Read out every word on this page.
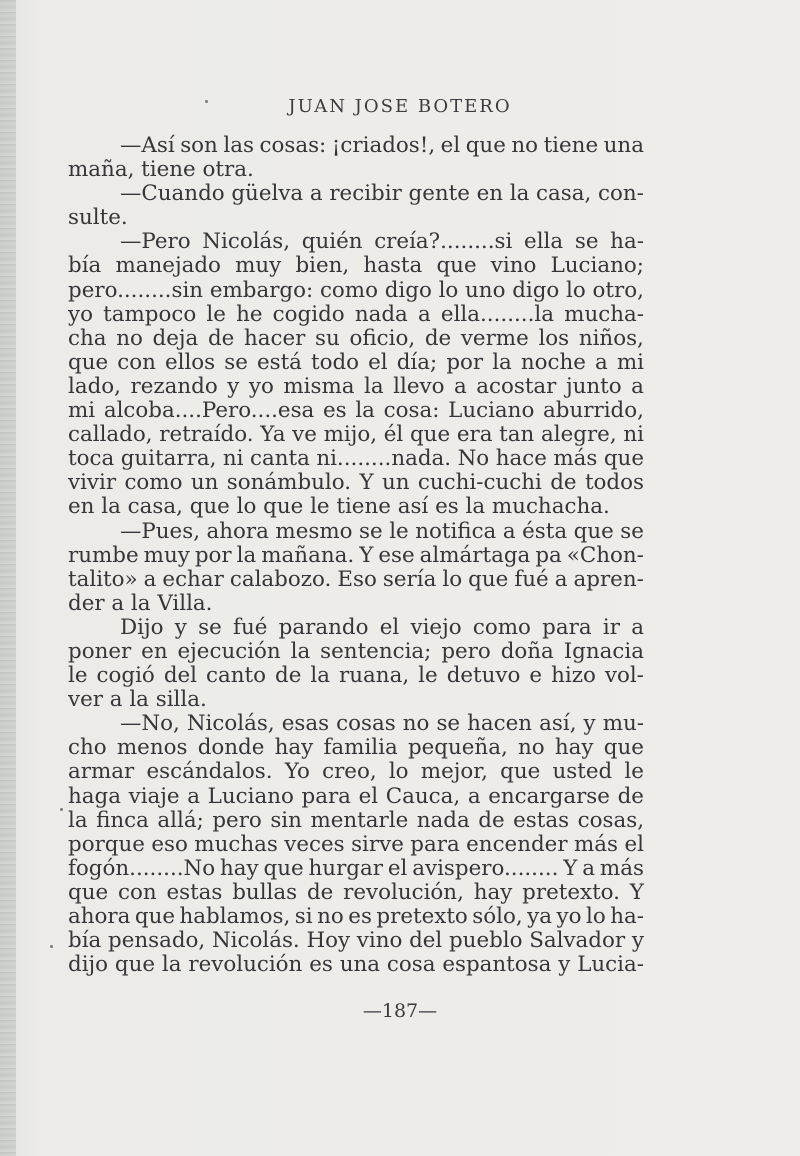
JUAN JOSE BOTERO
—Así son las cosas: ¡criados!, el que no tiene una
maña, tiene otra.
—Cuando güelva a recibir gente en la casa, con-
sulte.
—Pero Nicolás, quién creía?........si ella se ha-
bía manejado muy bien, hasta que vino Luciano;
pero........sin embargo: como digo lo uno digo lo otro,
yo tampoco le he cogido nada a ella........la mucha-
cha no deja de hacer su oficio, de verme los niños,
que con ellos se está todo el día; por la noche a mi
lado, rezando y yo misma la llevo a acostar junto a
mi alcoba....Pero....esa es la cosa: Luciano aburrido,
callado, retraído. Ya ve mijo, él que era tan alegre, ni
toca guitarra, ni canta ni........nada. No hace más que
vivir como un sonámbulo. Y un cuchi-cuchi de todos
en la casa, que lo que le tiene así es la muchacha.
—Pues, ahora mesmo se le notifica a ésta que se
rumbe muy por la mañana. Y ese almártaga pa «Chon-
talito» a echar calabozo. Eso sería lo que fué a apren-
der a la Villa.
Dijo y se fué parando el viejo como para ir a
poner en ejecución la sentencia; pero doña Ignacia
le cogió del canto de la ruana, le detuvo e hizo vol-
ver a la silla.
—No, Nicolás, esas cosas no se hacen así, y mu-
cho menos donde hay familia pequeña, no hay que
armar escándalos. Yo creo, lo mejor, que usted le
haga viaje a Luciano para el Cauca, a encargarse de
la finca allá; pero sin mentarle nada de estas cosas,
porque eso muchas veces sirve para encender más el
fogón........No hay que hurgar el avispero........ Y a más
que con estas bullas de revolución, hay pretexto. Y
ahora que hablamos, si no es pretexto sólo, ya yo lo ha-
bía pensado, Nicolás. Hoy vino del pueblo Salvador y
dijo que la revolución es una cosa espantosa y Lucia-
—187—
